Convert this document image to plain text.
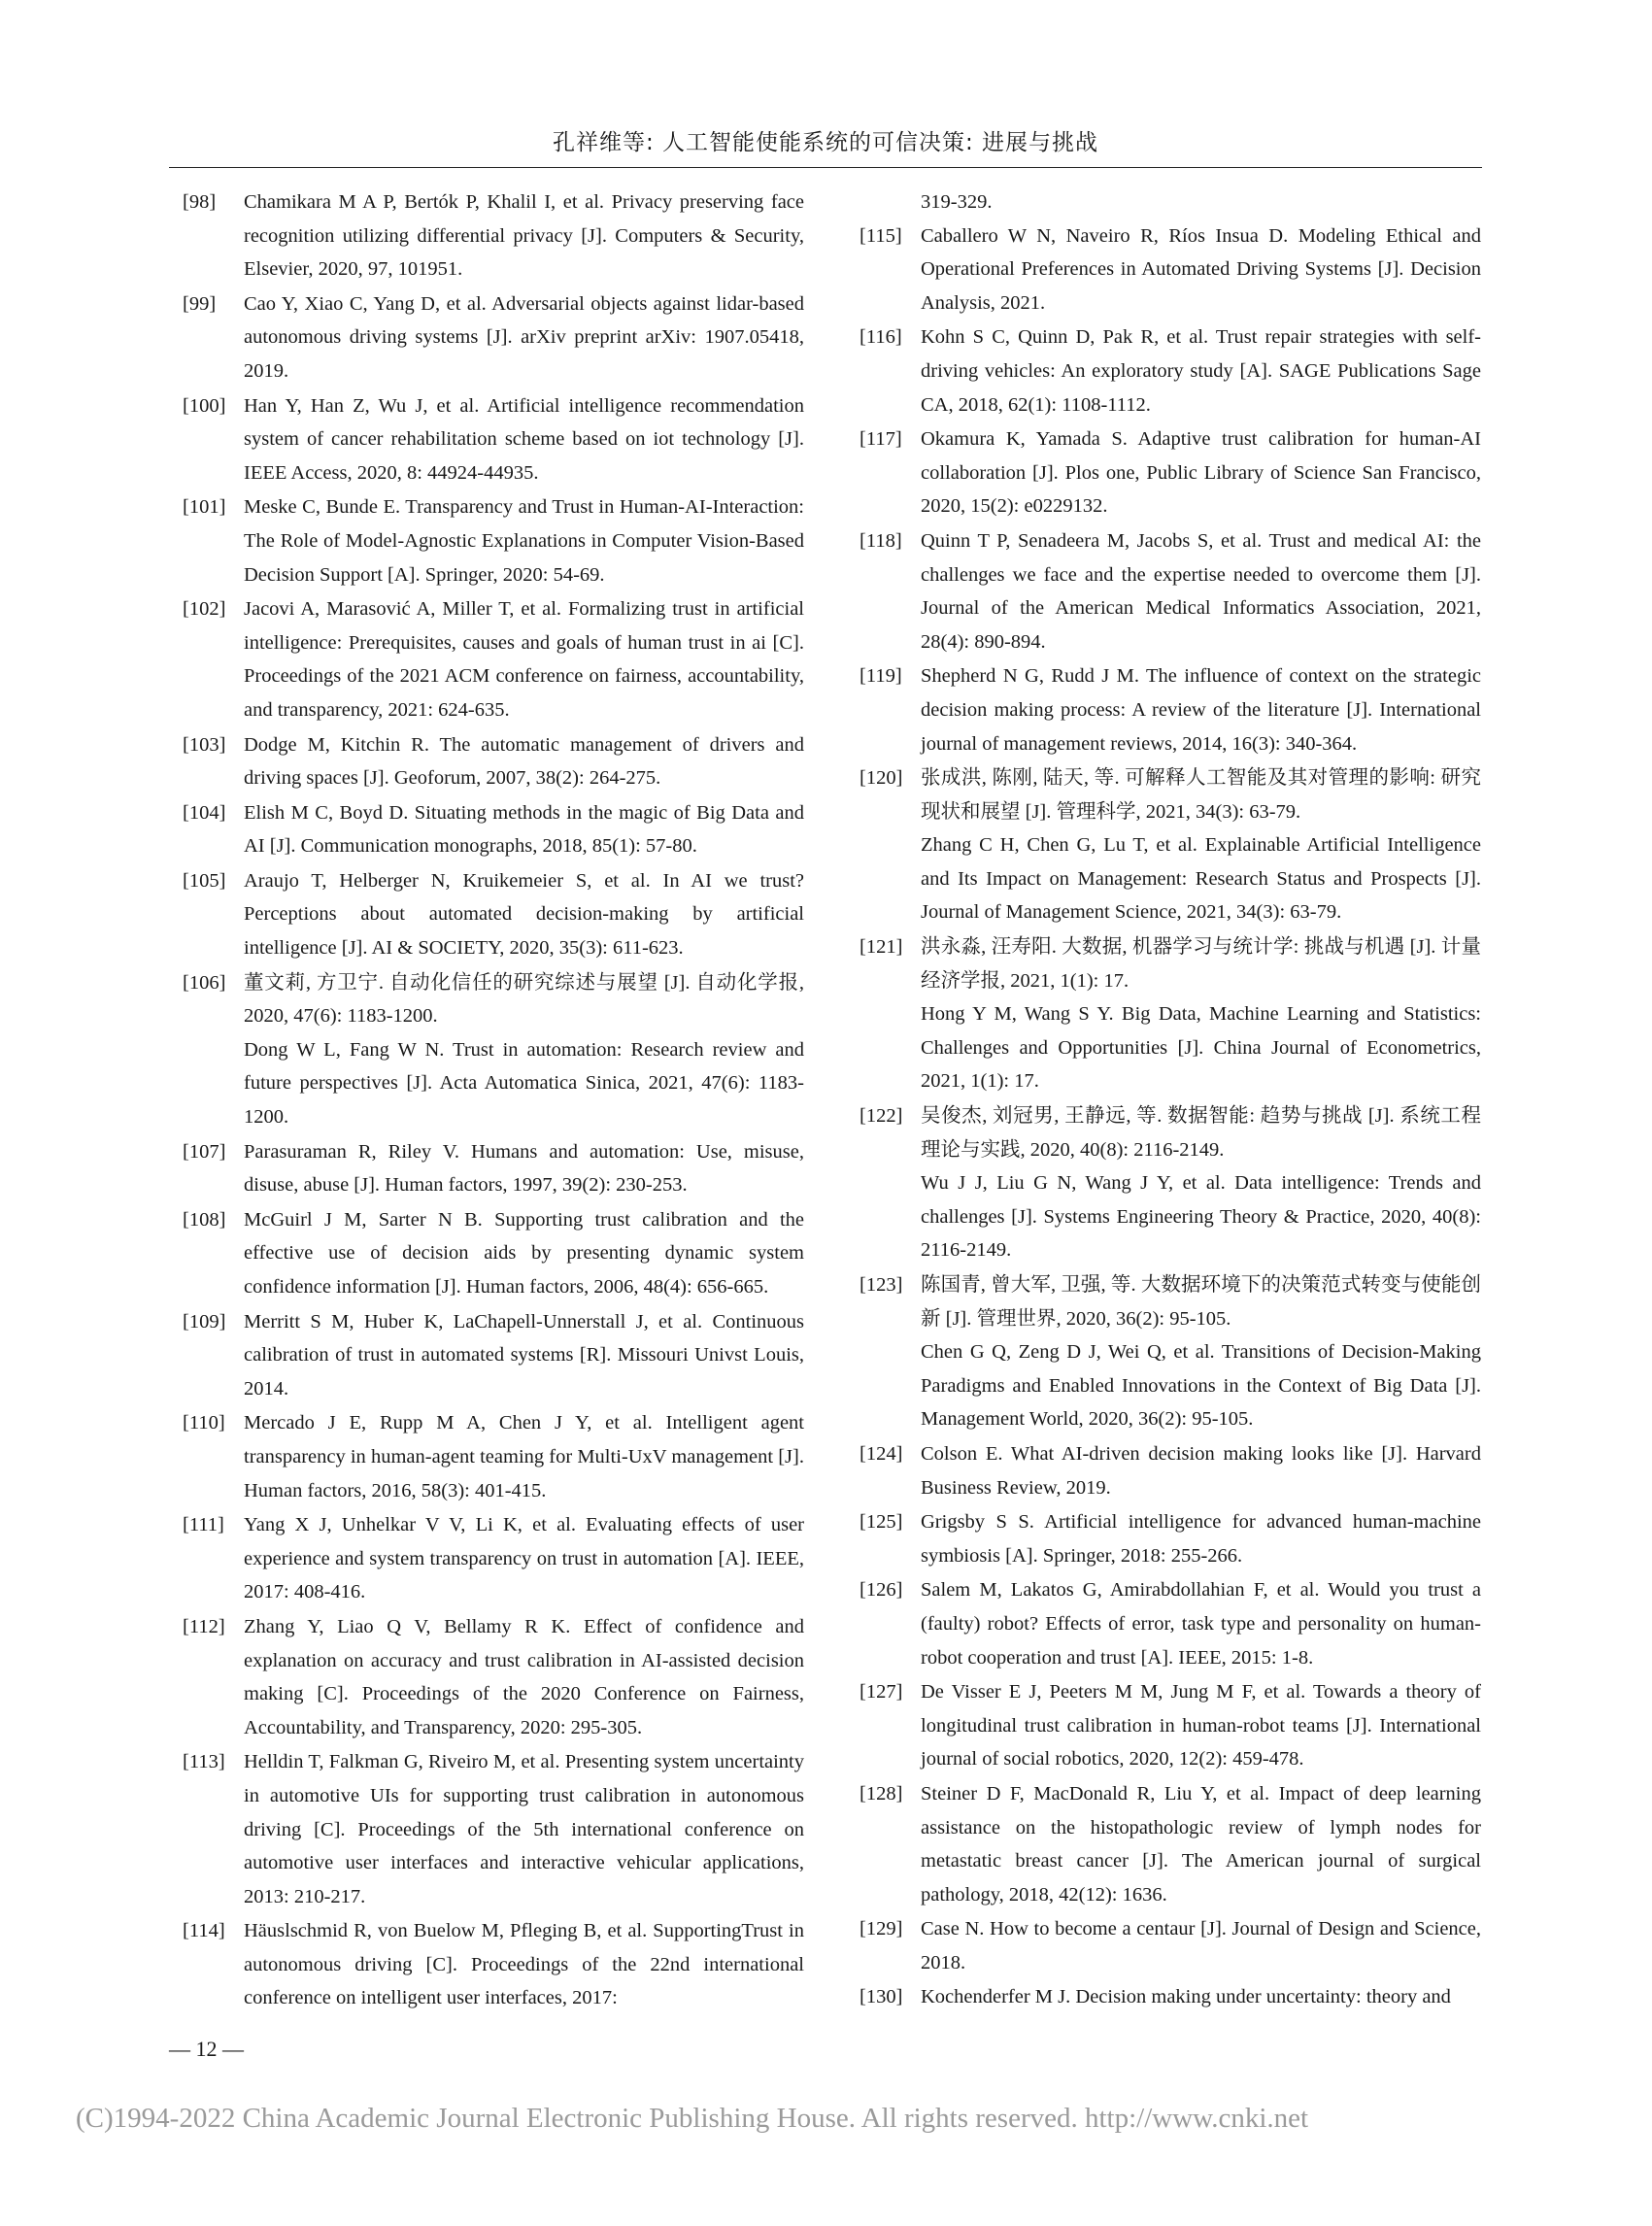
孔祥维等: 人工智能使能系统的可信决策: 进展与挑战
[98] Chamikara M A P, Bertók P, Khalil I, et al. Privacy preserving face recognition utilizing differential privacy [J]. Computers & Security, Elsevier, 2020, 97, 101951.
[99] Cao Y, Xiao C, Yang D, et al. Adversarial objects against lidar-based autonomous driving systems [J]. arXiv preprint arXiv: 1907.05418, 2019.
[100] Han Y, Han Z, Wu J, et al. Artificial intelligence recommendation system of cancer rehabilitation scheme based on iot technology [J]. IEEE Access, 2020, 8: 44924-44935.
[101] Meske C, Bunde E. Transparency and Trust in Human-AI-Interaction: The Role of Model-Agnostic Explanations in Computer Vision-Based Decision Support [A]. Springer, 2020: 54-69.
[102] Jacovi A, Marasović A, Miller T, et al. Formalizing trust in artificial intelligence: Prerequisites, causes and goals of human trust in ai [C]. Proceedings of the 2021 ACM conference on fairness, accountability, and transparency, 2021: 624-635.
[103] Dodge M, Kitchin R. The automatic management of drivers and driving spaces [J]. Geoforum, 2007, 38(2): 264-275.
[104] Elish M C, Boyd D. Situating methods in the magic of Big Data and AI [J]. Communication monographs, 2018, 85(1): 57-80.
[105] Araujo T, Helberger N, Kruikemeier S, et al. In AI we trust? Perceptions about automated decision-making by artificial intelligence [J]. AI & SOCIETY, 2020, 35(3): 611-623.
[106] 董文莉, 方卫宁. 自动化信任的研究综述与展望 [J]. 自动化学报, 2020, 47(6): 1183-1200.
Dong W L, Fang W N. Trust in automation: Research review and future perspectives [J]. Acta Automatica Sinica, 2021, 47(6): 1183-1200.
[107] Parasuraman R, Riley V. Humans and automation: Use, misuse, disuse, abuse [J]. Human factors, 1997, 39(2): 230-253.
[108] McGuirl J M, Sarter N B. Supporting trust calibration and the effective use of decision aids by presenting dynamic system confidence information [J]. Human factors, 2006, 48(4): 656-665.
[109] Merritt S M, Huber K, LaChapell-Unnerstall J, et al. Continuous calibration of trust in automated systems [R]. Missouri Univst Louis, 2014.
[110] Mercado J E, Rupp M A, Chen J Y, et al. Intelligent agent transparency in human-agent teaming for Multi-UxV management [J]. Human factors, 2016, 58(3): 401-415.
[111] Yang X J, Unhelkar V V, Li K, et al. Evaluating effects of user experience and system transparency on trust in automation [A]. IEEE, 2017: 408-416.
[112] Zhang Y, Liao Q V, Bellamy R K. Effect of confidence and explanation on accuracy and trust calibration in AI-assisted decision making [C]. Proceedings of the 2020 Conference on Fairness, Accountability, and Transparency, 2020: 295-305.
[113] Helldin T, Falkman G, Riveiro M, et al. Presenting system uncertainty in automotive UIs for supporting trust calibration in autonomous driving [C]. Proceedings of the 5th international conference on automotive user interfaces and interactive vehicular applications, 2013: 210-217.
[114] Häuslschmid R, von Buelow M, Pfleging B, et al. SupportingTrust in autonomous driving [C]. Proceedings of the 22nd international conference on intelligent user interfaces, 2017:
319-329.
[115] Caballero W N, Naveiro R, Ríos Insua D. Modeling Ethical and Operational Preferences in Automated Driving Systems [J]. Decision Analysis, 2021.
[116] Kohn S C, Quinn D, Pak R, et al. Trust repair strategies with self-driving vehicles: An exploratory study [A]. SAGE Publications Sage CA, 2018, 62(1): 1108-1112.
[117] Okamura K, Yamada S. Adaptive trust calibration for human-AI collaboration [J]. Plos one, Public Library of Science San Francisco, 2020, 15(2): e0229132.
[118] Quinn T P, Senadeera M, Jacobs S, et al. Trust and medical AI: the challenges we face and the expertise needed to overcome them [J]. Journal of the American Medical Informatics Association, 2021, 28(4): 890-894.
[119] Shepherd N G, Rudd J M. The influence of context on the strategic decision making process: A review of the literature [J]. International journal of management reviews, 2014, 16(3): 340-364.
[120] 张成洪, 陈刚, 陆天, 等. 可解释人工智能及其对管理的影响: 研究现状和展望 [J]. 管理科学, 2021, 34(3): 63-79.
Zhang C H, Chen G, Lu T, et al. Explainable Artificial Intelligence and Its Impact on Management: Research Status and Prospects [J]. Journal of Management Science, 2021, 34(3): 63-79.
[121] 洪永淼, 汪寿阳. 大数据, 机器学习与统计学: 挑战与机遇 [J]. 计量经济学报, 2021, 1(1): 17.
Hong Y M, Wang S Y. Big Data, Machine Learning and Statistics: Challenges and Opportunities [J]. China Journal of Econometrics, 2021, 1(1): 17.
[122] 吴俊杰, 刘冠男, 王静远, 等. 数据智能: 趋势与挑战 [J]. 系统工程理论与实践, 2020, 40(8): 2116-2149.
Wu J J, Liu G N, Wang J Y, et al. Data intelligence: Trends and challenges [J]. Systems Engineering Theory & Practice, 2020, 40(8): 2116-2149.
[123] 陈国青, 曾大军, 卫强, 等. 大数据环境下的决策范式转变与使能创新 [J]. 管理世界, 2020, 36(2): 95-105.
Chen G Q, Zeng D J, Wei Q, et al. Transitions of Decision-Making Paradigms and Enabled Innovations in the Context of Big Data [J]. Management World, 2020, 36(2): 95-105.
[124] Colson E. What AI-driven decision making looks like [J]. Harvard Business Review, 2019.
[125] Grigsby S S. Artificial intelligence for advanced human-machine symbiosis [A]. Springer, 2018: 255-266.
[126] Salem M, Lakatos G, Amirabdollahian F, et al. Would you trust a (faulty) robot? Effects of error, task type and personality on human-robot cooperation and trust [A]. IEEE, 2015: 1-8.
[127] De Visser E J, Peeters M M, Jung M F, et al. Towards a theory of longitudinal trust calibration in human-robot teams [J]. International journal of social robotics, 2020, 12(2): 459-478.
[128] Steiner D F, MacDonald R, Liu Y, et al. Impact of deep learning assistance on the histopathologic review of lymph nodes for metastatic breast cancer [J]. The American journal of surgical pathology, 2018, 42(12): 1636.
[129] Case N. How to become a centaur [J]. Journal of Design and Science, 2018.
[130] Kochenderfer M J. Decision making under uncertainty: theory and
— 12 —
(C)1994-2022 China Academic Journal Electronic Publishing House. All rights reserved. http://www.cnki.net
